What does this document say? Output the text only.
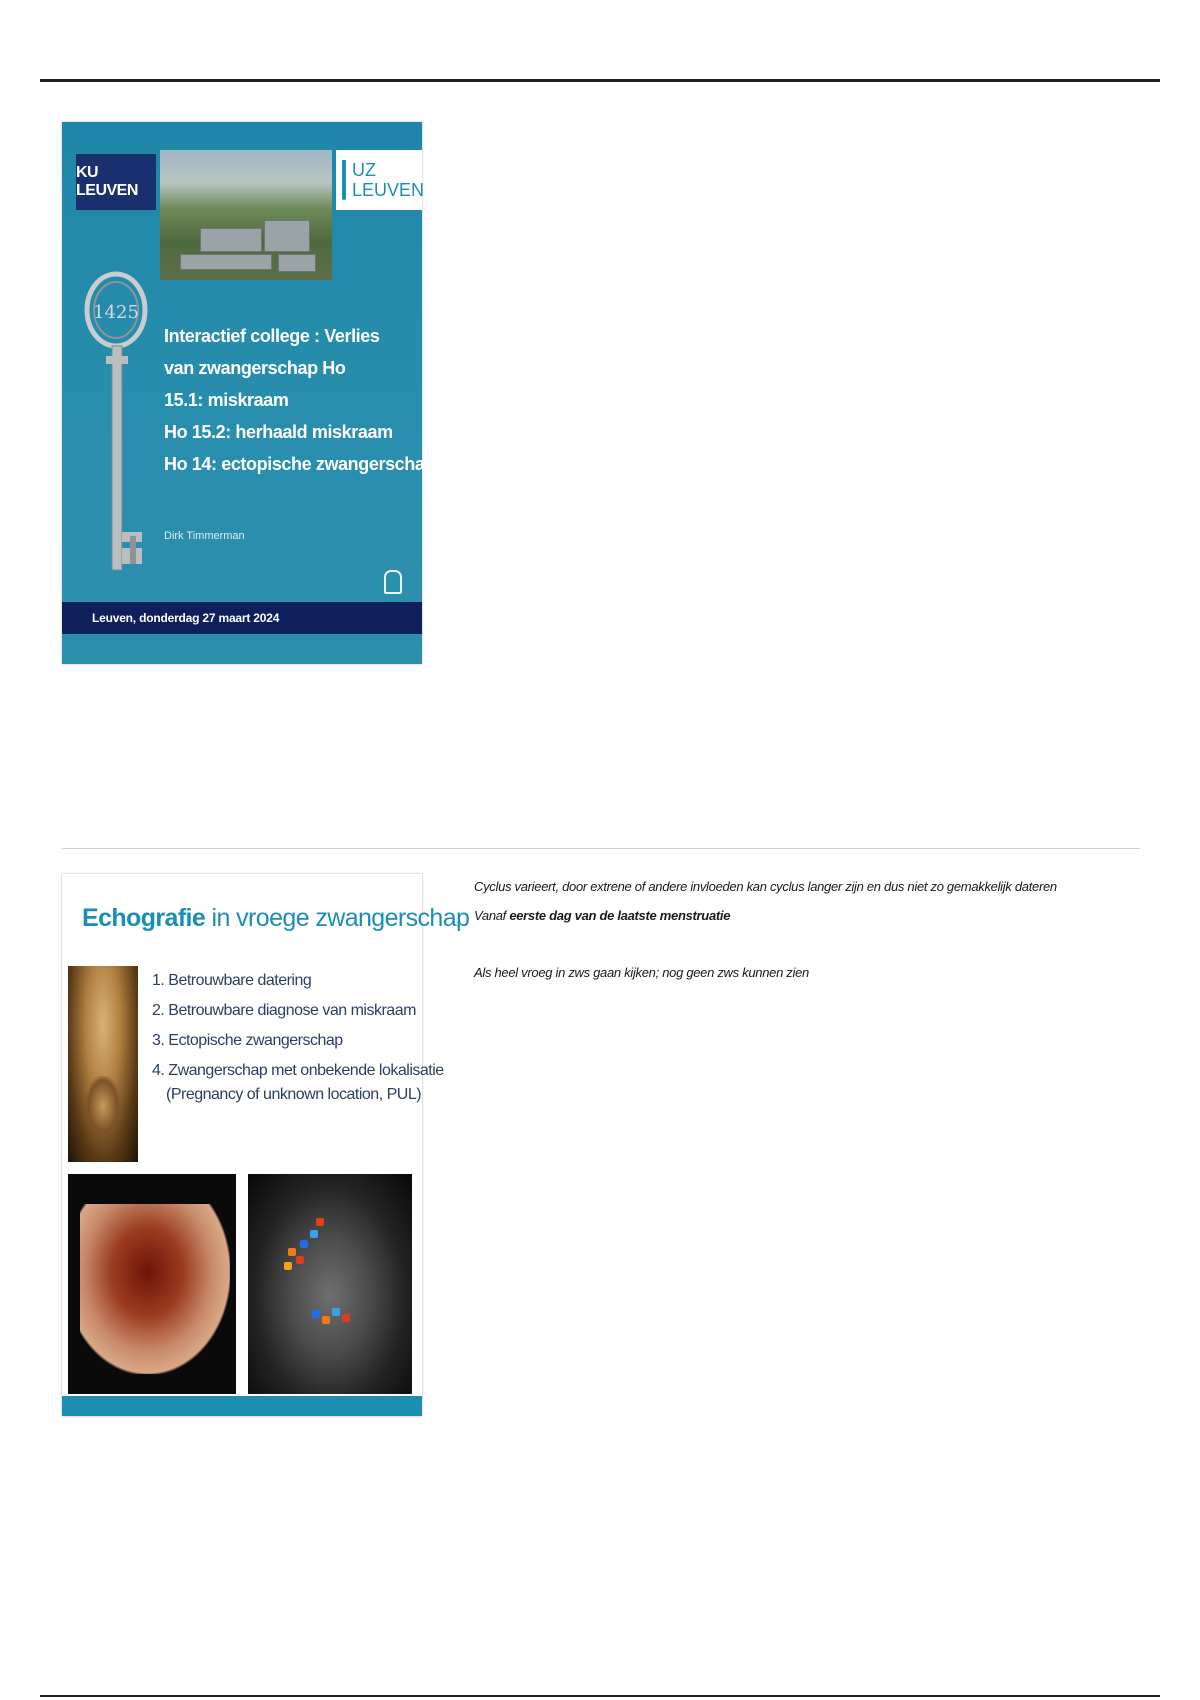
KU LEUVEN
UZ
LEUVEN
1425
Interactief college : Verlies
van zwangerschap Ho
15.1: miskraam
Ho 15.2: herhaald miskraam
Ho 14: ectopische zwangerschap
Dirk Timmerman
Leuven, donderdag 27 maart 2024
Echografie in vroege zwangerschap
1. Betrouwbare datering
2. Betrouwbare diagnose van miskraam
3. Ectopische zwangerschap
4. Zwangerschap met onbekende lokalisatie
(Pregnancy of unknown location, PUL)
Cyclus varieert, door extrene of andere invloeden kan cyclus langer zijn en dus niet zo gemakkelijk dateren
Vanaf eerste dag van de laatste menstruatie
Als heel vroeg in zws gaan kijken; nog geen zws kunnen zien
